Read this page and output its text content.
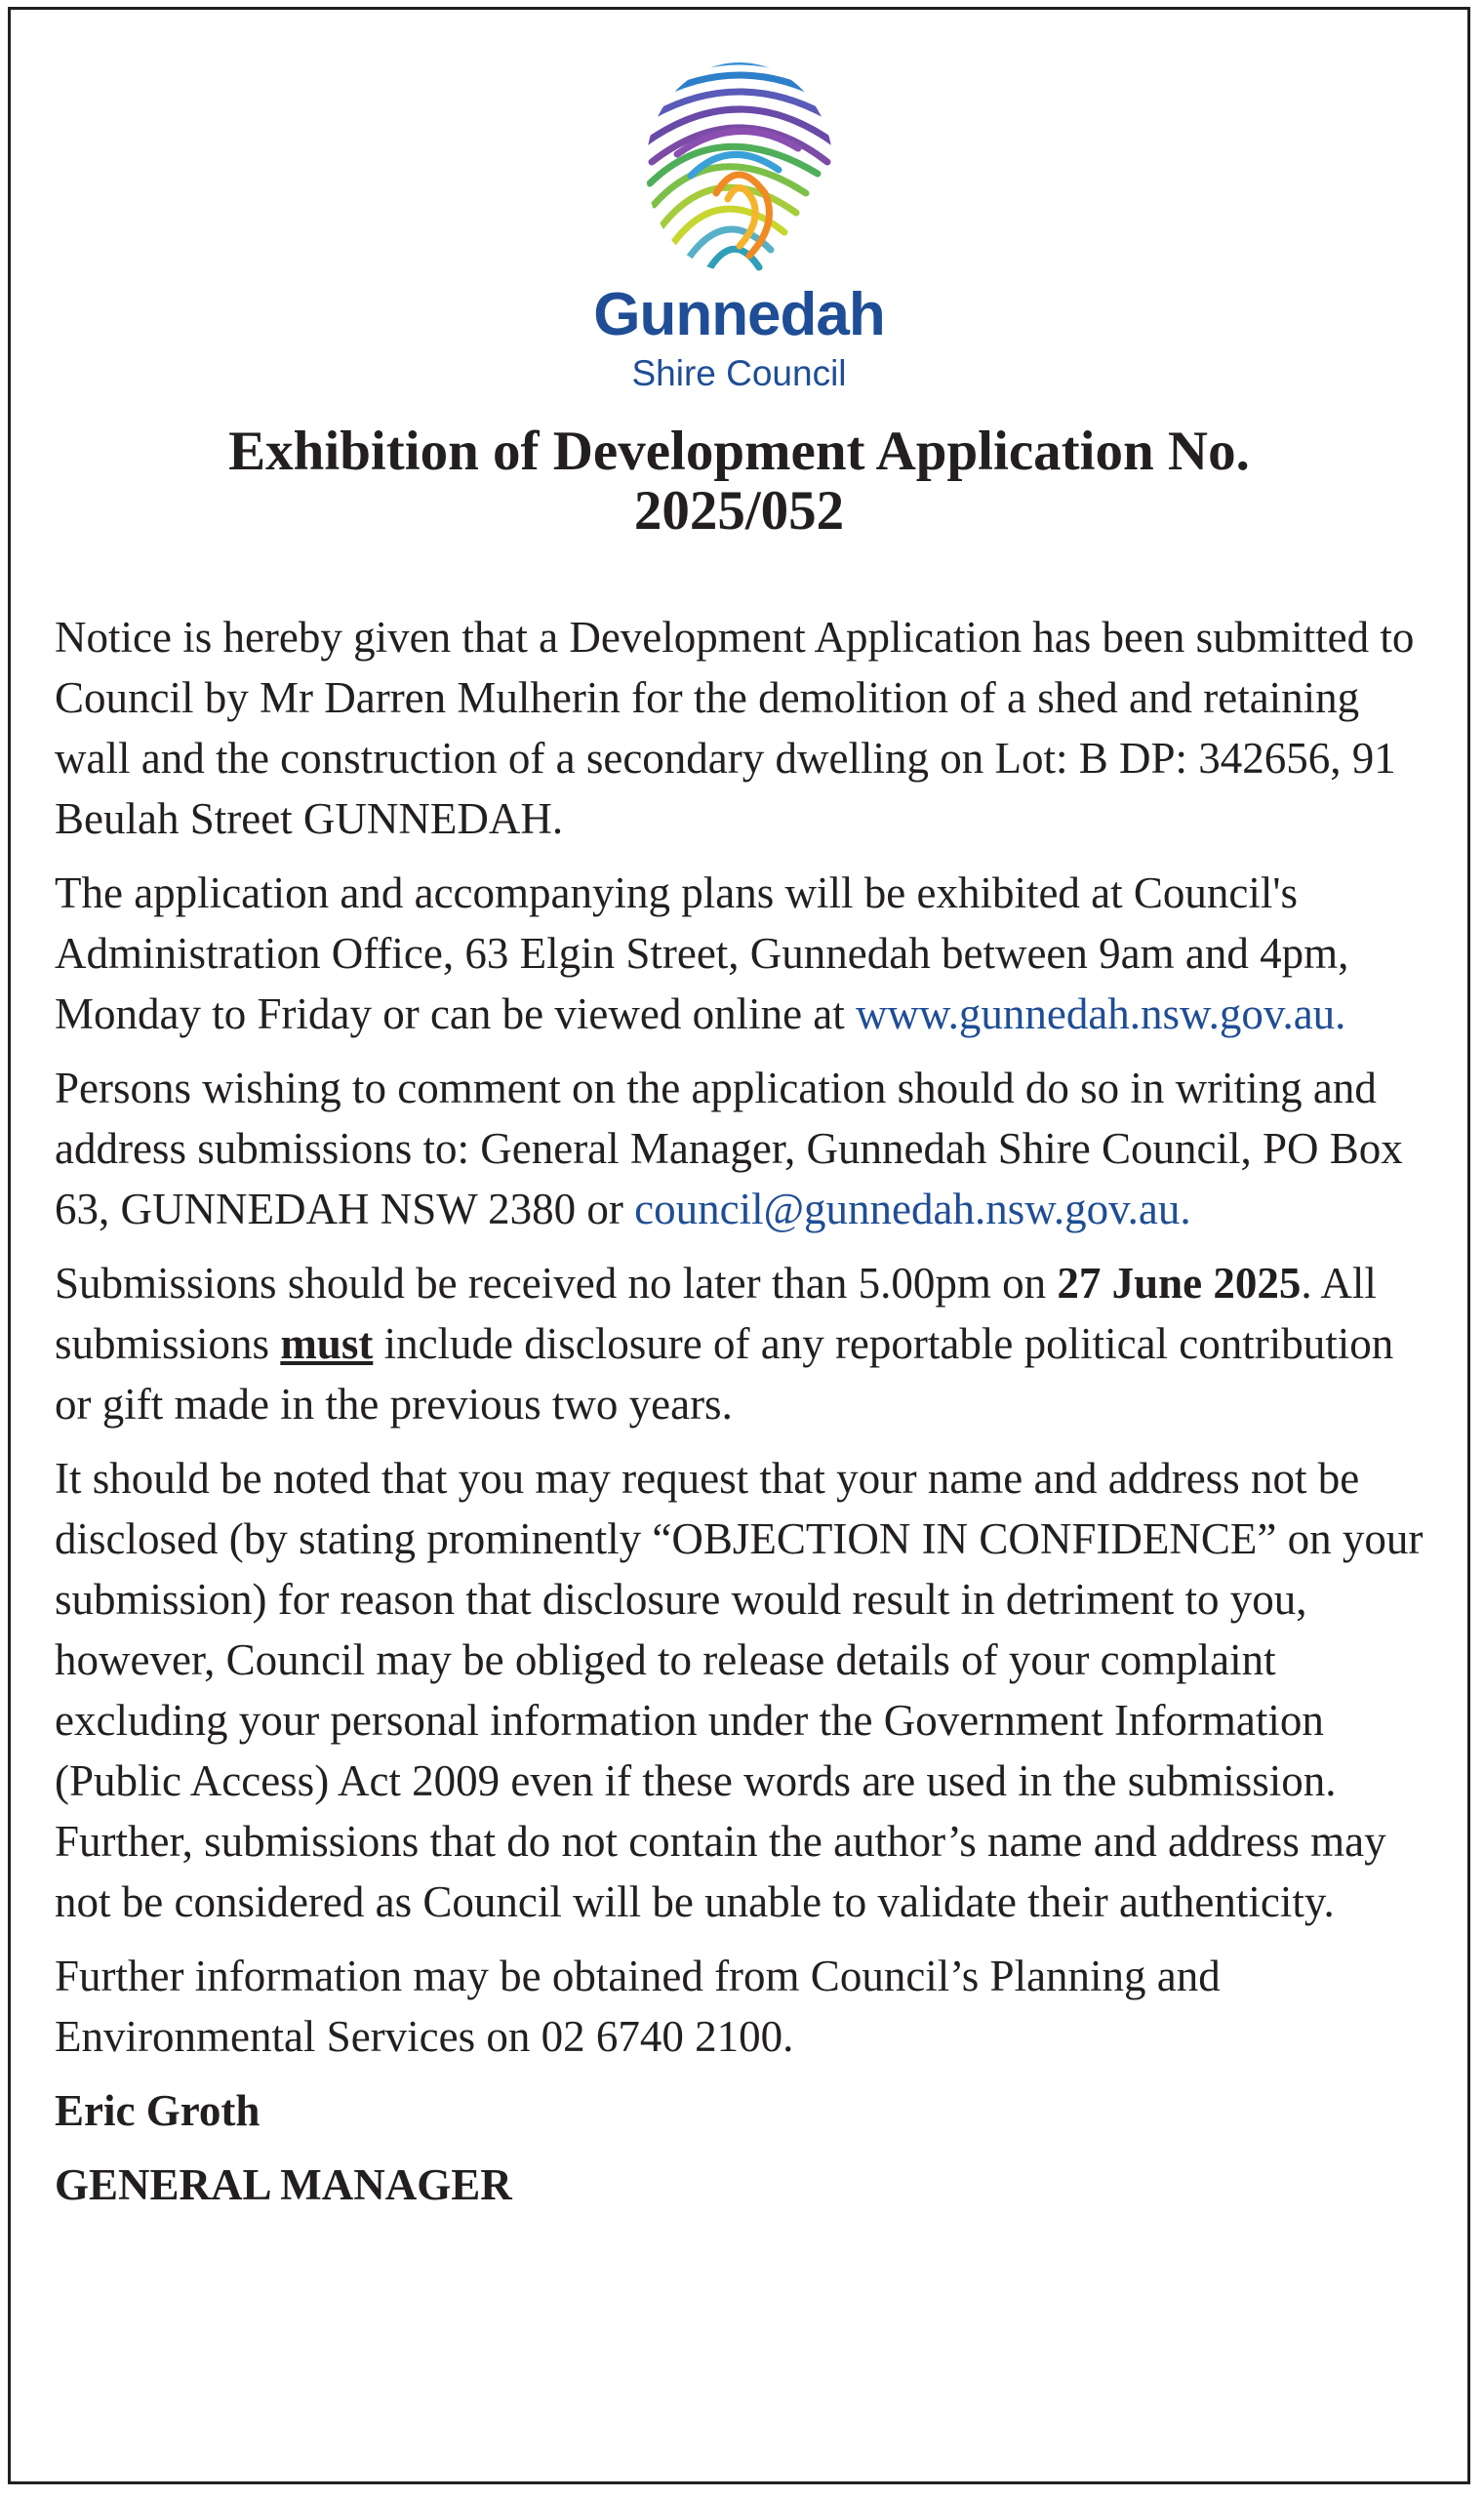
Gunnedah
Shire Council
Exhibition of Development Application No.
2025/052

Notice is hereby given that a Development Application has been submitted to Council by Mr Darren Mulherin for the demolition of a shed and retaining wall and the construction of a secondary dwelling on Lot: B DP: 342656, 91 Beulah Street GUNNEDAH.

The application and accompanying plans will be exhibited at Council's Administration Office, 63 Elgin Street, Gunnedah between 9am and 4pm, Monday to Friday or can be viewed online at www.gunnedah.nsw.gov.au.

Persons wishing to comment on the application should do so in writing and address submissions to: General Manager, Gunnedah Shire Council, PO Box 63, GUNNEDAH NSW 2380 or council@gunnedah.nsw.gov.au.

Submissions should be received no later than 5.00pm on 27 June 2025. All submissions must include disclosure of any reportable political contribution or gift made in the previous two years.

It should be noted that you may request that your name and address not be disclosed (by stating prominently “OBJECTION IN CONFIDENCE” on your submission) for reason that disclosure would result in detriment to you, however, Council may be obliged to release details of your complaint excluding your personal information under the Government Information (Public Access) Act 2009 even if these words are used in the submission. Further, submissions that do not contain the author’s name and address may not be considered as Council will be unable to validate their authenticity.

Further information may be obtained from Council’s Planning and Environmental Services on 02 6740 2100.

Eric Groth

GENERAL MANAGER
